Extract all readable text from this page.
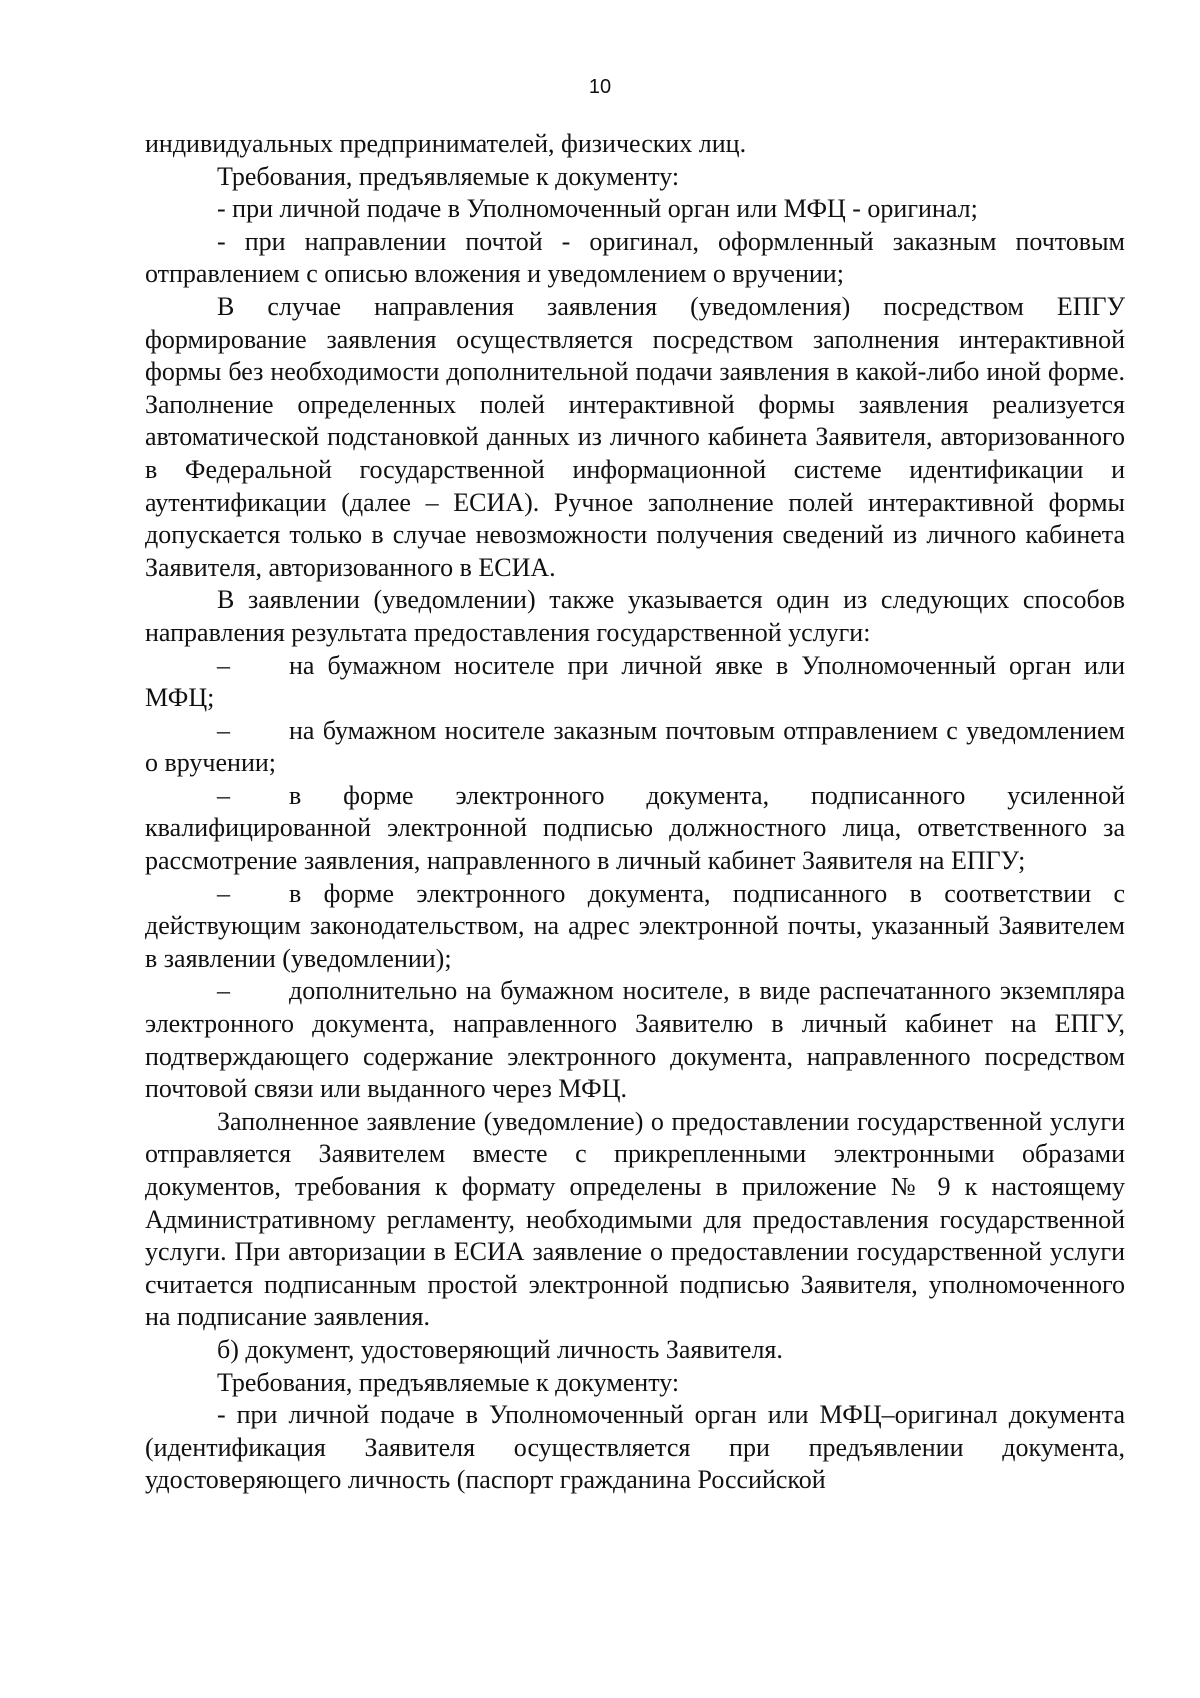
10

индивидуальных предпринимателей, физических лиц.

Требования, предъявляемые к документу:

- при личной подаче в Уполномоченный орган или МФЦ - оригинал;

- при направлении почтой - оригинал, оформленный заказным почтовым отправлением с описью вложения и уведомлением о вручении;

В случае направления заявления (уведомления) посредством ЕПГУ формирование заявления осуществляется посредством заполнения интерактивной формы без необходимости дополнительной подачи заявления в какой-либо иной форме. Заполнение определенных полей интерактивной формы заявления реализуется автоматической подстановкой данных из личного кабинета Заявителя, авторизованного в Федеральной государственной информационной системе идентификации и аутентификации (далее – ЕСИА). Ручное заполнение полей интерактивной формы допускается только в случае невозможности получения сведений из личного кабинета Заявителя, авторизованного в ЕСИА.

В заявлении (уведомлении) также указывается один из следующих способов направления результата предоставления государственной услуги:

– на бумажном носителе при личной явке в Уполномоченный орган или МФЦ;

– на бумажном носителе заказным почтовым отправлением с уведомлением о вручении;

– в форме электронного документа, подписанного усиленной квалифицированной электронной подписью должностного лица, ответственного за рассмотрение заявления, направленного в личный кабинет Заявителя на ЕПГУ;

– в форме электронного документа, подписанного в соответствии с действующим законодательством, на адрес электронной почты, указанный Заявителем в заявлении (уведомлении);

– дополнительно на бумажном носителе, в виде распечатанного экземпляра электронного документа, направленного Заявителю в личный кабинет на ЕПГУ, подтверждающего содержание электронного документа, направленного посредством почтовой связи или выданного через МФЦ.

Заполненное заявление (уведомление) о предоставлении государственной услуги отправляется Заявителем вместе с прикрепленными электронными образами документов, требования к формату определены в приложение № 9 к настоящему Административному регламенту, необходимыми для предоставления государственной услуги. При авторизации в ЕСИА заявление о предоставлении государственной услуги считается подписанным простой электронной подписью Заявителя, уполномоченного на подписание заявления.

б) документ, удостоверяющий личность Заявителя.

Требования, предъявляемые к документу:

- при личной подаче в Уполномоченный орган или МФЦ–оригинал документа (идентификация Заявителя осуществляется при предъявлении документа, удостоверяющего личность (паспорт гражданина Российской
